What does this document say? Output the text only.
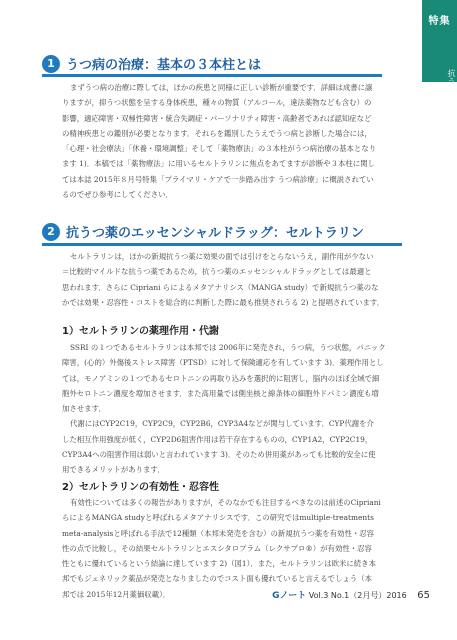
特集
抗うつ薬
1 うつ病の治療：基本の３本柱とは
まずうつ病の治療に際しては，ほかの疾患と同様に正しい診断が重要です．詳細は成書に譲
りますが，抑うつ状態を呈する身体疾患，種々の物質（アルコール，違法薬物なども含む）の
影響，適応障害・双極性障害・統合失調症・パーソナリティ障害・高齢者であれば認知症など
の精神疾患との鑑別が必要となります．それらを鑑別したうえでうつ病と診断した場合には，
「心理・社会療法」「休養・環境調整」そして「薬物療法」の３本柱がうつ病治療の基本となり
ます 1)．本稿では「薬物療法」に用いるセルトラリンに焦点をあてますが診断や３本柱に関し
ては本誌 2015年８月号特集「プライマリ・ケアで一歩踏み出す うつ病診療」に概説されてい
るのでぜひ参考にしてください．
2 抗うつ薬のエッセンシャルドラッグ：セルトラリン
セルトラリンは，ほかの新規抗うつ薬に効果の面では引けをとらないうえ，副作用が少ない
＝比較的マイルドな抗うつ薬であるため，抗うつ薬のエッセンシャルドラッグとしては最適と
思われます．さらに Cipriani らによるメタアナリシス（MANGA study）で新規抗うつ薬のな
かでは効果・忍容性・コストを総合的に判断した際に最も推奨されうる 2) と提唱されています．
1）セルトラリンの薬理作用・代謝
SSRI の１つであるセルトラリンは本邦では 2006年に発売され，うつ病，うつ状態，パニック
障害，(心的）外傷後ストレス障害（PTSD）に対して保険適応を有しています 3)．薬理作用とし
ては，モノアミンの１つであるセロトニンの再取り込みを選択的に阻害し，脳内のほぼ全域で細
胞外セロトニン濃度を増加させます．また高用量では側坐核と線条体の細胞外ドパミン濃度も増
加させます．
代謝にはCYP2C19，CYP2C9，CYP2B6，CYP3A4などが関与しています．CYP代謝を介
した相互作用強度が低く，CYP2D6阻害作用は若干存在するものの，CYP1A2，CYP2C19，
CYP3A4への阻害作用は弱いと言われています 3)．そのため併用薬があっても比較的安全に使
用できるメリットがあります．
2）セルトラリンの有効性・忍容性
有効性については多くの報告がありますが，そのなかでも注目するべきなのは前述のCipriani
らによるMANGA studyと呼ばれるメタアナリシスです．この研究ではmultiple-treatments
meta-analysisと呼ばれる手法で12種類（本邦未発売を含む）の新規抗うつ薬を有効性・忍容
性の点で比較し，その結果セルトラリンとエスシタロプラム（レクサプロ®）が有効性・忍容
性ともに優れているという結論に達しています 2)（図1）．また，セルトラリンは欧米に続き本
邦でもジェネリック薬品が発売となりましたのでコスト面も優れていると言えるでしょう（本
邦では 2015年12月薬価収載）．	Gノート Vol.3 No.1（2月号）2016 65
